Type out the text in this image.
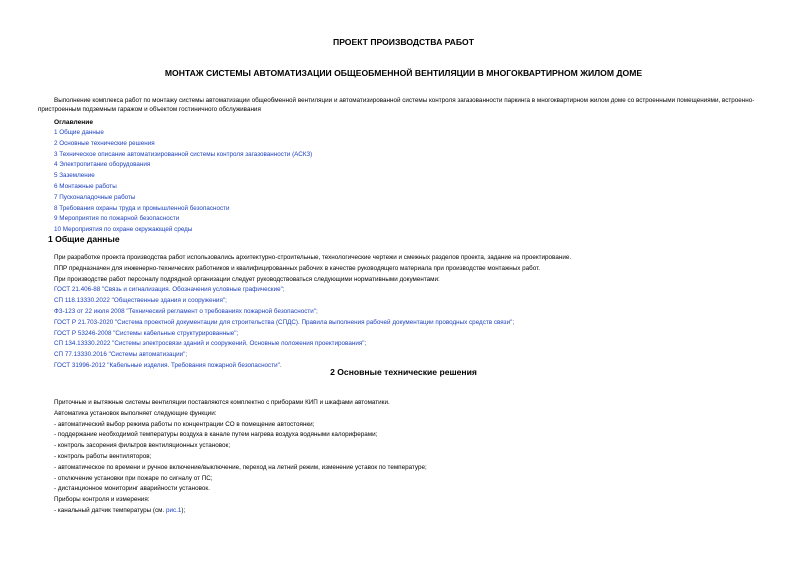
ПРОЕКТ ПРОИЗВОДСТВА РАБОТ
МОНТАЖ СИСТЕМЫ АВТОМАТИЗАЦИИ ОБЩЕОБМЕННОЙ ВЕНТИЛЯЦИИ В МНОГОКВАРТИРНОМ ЖИЛОМ ДОМЕ
Выполнение комплекса работ по монтажу системы автоматизации общеобменной вентиляции и автоматизированной системы контроля загазованности паркинга в многоквартирном жилом доме со встроенными помещениями, встроенно-пристроенным подземным гаражом и объектом гостиничного обслуживания
Оглавление
1 Общие данные
2 Основные технические решения
3 Техническое описание автоматизированной системы контроля загазованности (АСКЗ)
4 Электропитание оборудования
5 Заземление
6 Монтажные работы
7 Пусконаладочные работы
8 Требования охраны труда и промышленной безопасности
9 Мероприятия по пожарной безопасности
10 Мероприятия по охране окружающей среды
1 Общие данные
При разработке проекта производства работ использовались архитектурно-строительные, технологические чертежи и смежных разделов проекта, задание на проектирование.
ППР предназначен для инженерно-технических работников и квалифицированных рабочих в качестве руководящего материала при производстве монтажных работ.
При производстве работ персоналу подрядной организации следует руководствоваться следующими нормативными документами:
ГОСТ 21.406-88 "Связь и сигнализация. Обозначения условные графические";
СП 118.13330.2022 "Общественные здания и сооружения";
ФЗ-123 от 22 июля 2008 "Технический регламент о требованиях пожарной безопасности";
ГОСТ Р 21.703-2020 "Система проектной документации для строительства (СПДС). Правила выполнения рабочей документации проводных средств связи";
ГОСТ Р 53246-2008 "Системы кабельные структурированные";
СП 134.13330.2022 "Системы электросвязи зданий и сооружений. Основные положения проектирования";
СП 77.13330.2016 "Системы автоматизации";
ГОСТ 31996-2012 "Кабельные изделия. Требования пожарной безопасности".
2 Основные технические решения
Приточные и вытяжные системы вентиляции поставляются комплектно с приборами КИП и шкафами автоматики.
Автоматика установок выполняет следующие функции:
- автоматический выбор режима работы по концентрации СО в помещение автостоянки;
- поддержание необходимой температуры воздуха в канале путем нагрева воздуха водяными калориферами;
- контроль засорения фильтров вентиляционных установок;
- контроль работы вентиляторов;
- автоматическое по времени и ручное включение/выключение, переход на летний режим, изменение уставок по температуре;
- отключение установки при пожаре по сигналу от ПС;
- дистанционное мониторинг аварийности установок.
Приборы контроля и измерения:
- канальный датчик температуры (см. рис.1);
